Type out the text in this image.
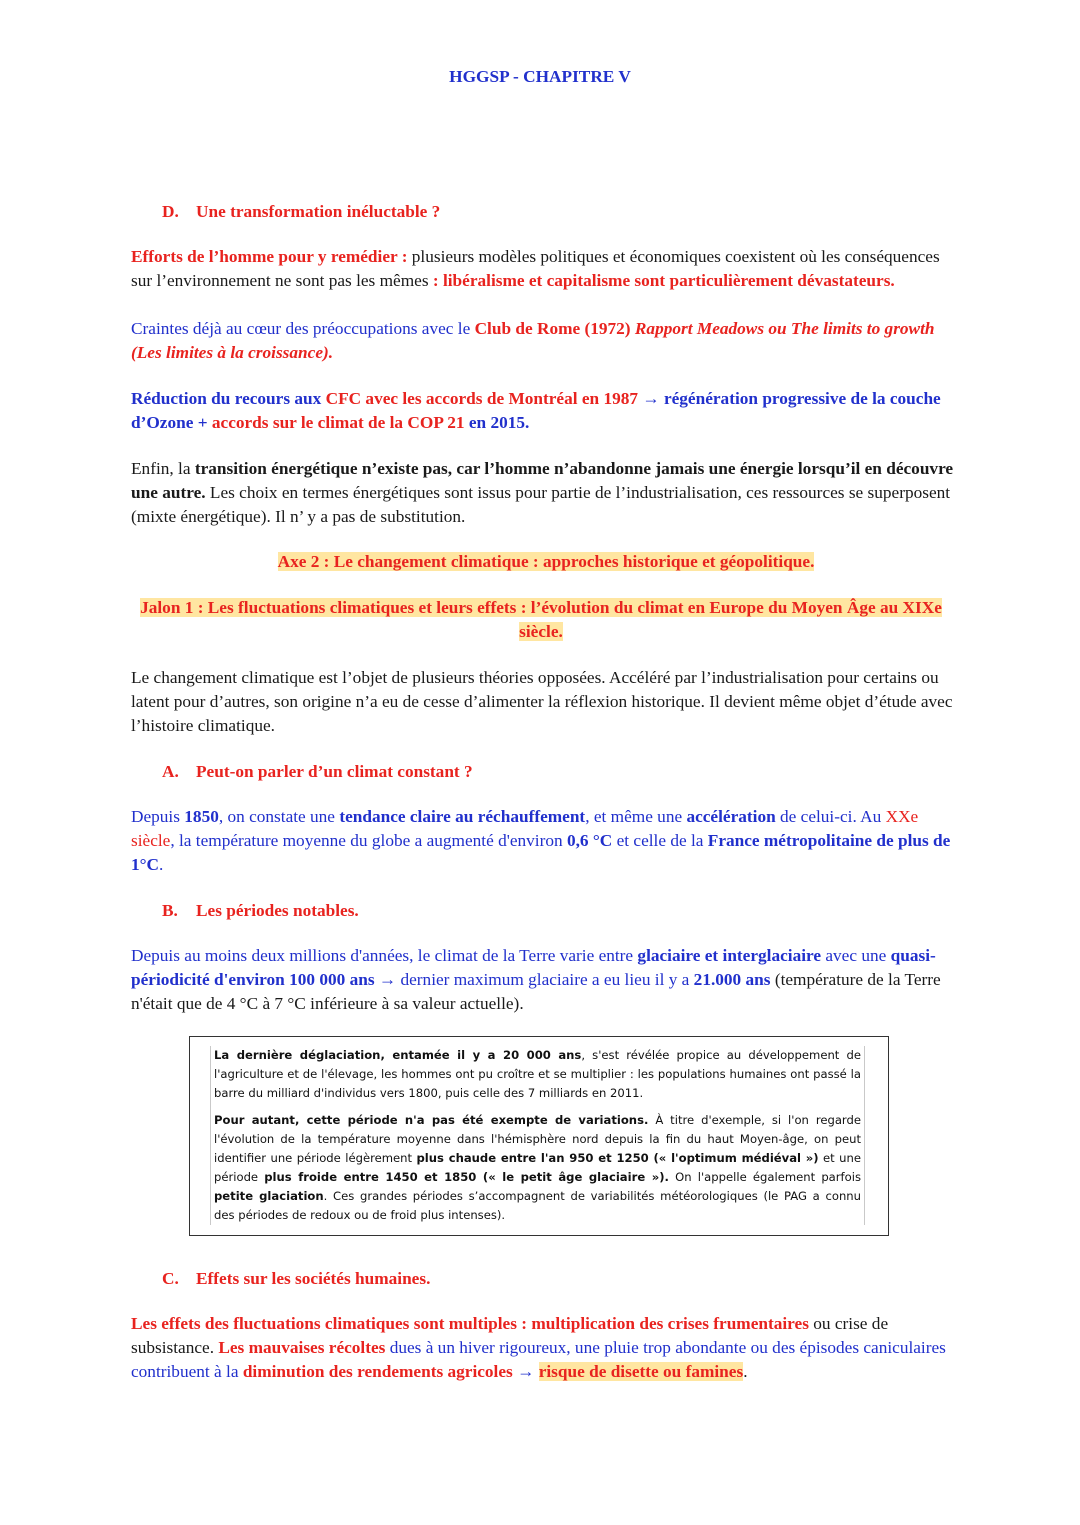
HGGSP - CHAPITRE V
D. Une transformation inéluctable ?

Efforts de l’homme pour y remédier : plusieurs modèles politiques et économiques coexistent où les conséquences sur l’environnement ne sont pas les mêmes : libéralisme et capitalisme sont particulièrement dévastateurs.

Craintes déjà au cœur des préoccupations avec le Club de Rome (1972) Rapport Meadows ou The limits to growth (Les limites à la croissance).

Réduction du recours aux CFC avec les accords de Montréal en 1987 → régénération progressive de la couche d’Ozone + accords sur le climat de la COP 21 en 2015.

Enfin, la transition énergétique n’existe pas, car l’homme n’abandonne jamais une énergie lorsqu’il en découvre une autre. Les choix en termes énergétiques sont issus pour partie de l’industrialisation, ces ressources se superposent (mixte énergétique). Il n’ y a pas de substitution.

Axe 2 : Le changement climatique : approches historique et géopolitique.
Jalon 1 : Les fluctuations climatiques et leurs effets : l’évolution du climat en Europe du Moyen Âge au XIXe siècle.

Le changement climatique est l’objet de plusieurs théories opposées. Accéléré par l’industrialisation pour certains ou latent pour d’autres, son origine n’a eu de cesse d’alimenter la réflexion historique. Il devient même objet d’étude avec l’histoire climatique.

A. Peut-on parler d’un climat constant ?

Depuis 1850, on constate une tendance claire au réchauffement, et même une accélération de celui-ci. Au XXe siècle, la température moyenne du globe a augmenté d'environ 0,6 °C et celle de la France métropolitaine de plus de 1°C.

B. Les périodes notables.

Depuis au moins deux millions d'années, le climat de la Terre varie entre glaciaire et interglaciaire avec une quasi-périodicité d'environ 100 000 ans → dernier maximum glaciaire a eu lieu il y a 21.000 ans (température de la Terre n'était que de 4 °C à 7 °C inférieure à sa valeur actuelle).

La dernière déglaciation, entamée il y a 20 000 ans, s'est révélée propice au développement de l'agriculture et de l'élevage, les hommes ont pu croître et se multiplier : les populations humaines ont passé la barre du milliard d'individus vers 1800, puis celle des 7 milliards en 2011.

Pour autant, cette période n'a pas été exempte de variations. À titre d'exemple, si l'on regarde l'évolution de la température moyenne dans l'hémisphère nord depuis la fin du haut Moyen-âge, on peut identifier une période légèrement plus chaude entre l'an 950 et 1250 (« l'optimum médiéval ») et une période plus froide entre 1450 et 1850 (« le petit âge glaciaire »). On l'appelle également parfois petite glaciation. Ces grandes périodes s’accompagnent de variabilités météorologiques (le PAG a connu des périodes de redoux ou de froid plus intenses).

C. Effets sur les sociétés humaines.

Les effets des fluctuations climatiques sont multiples : multiplication des crises frumentaires ou crise de subsistance. Les mauvaises récoltes dues à un hiver rigoureux, une pluie trop abondante ou des épisodes caniculaires contribuent à la diminution des rendements agricoles → risque de disette ou famines.
